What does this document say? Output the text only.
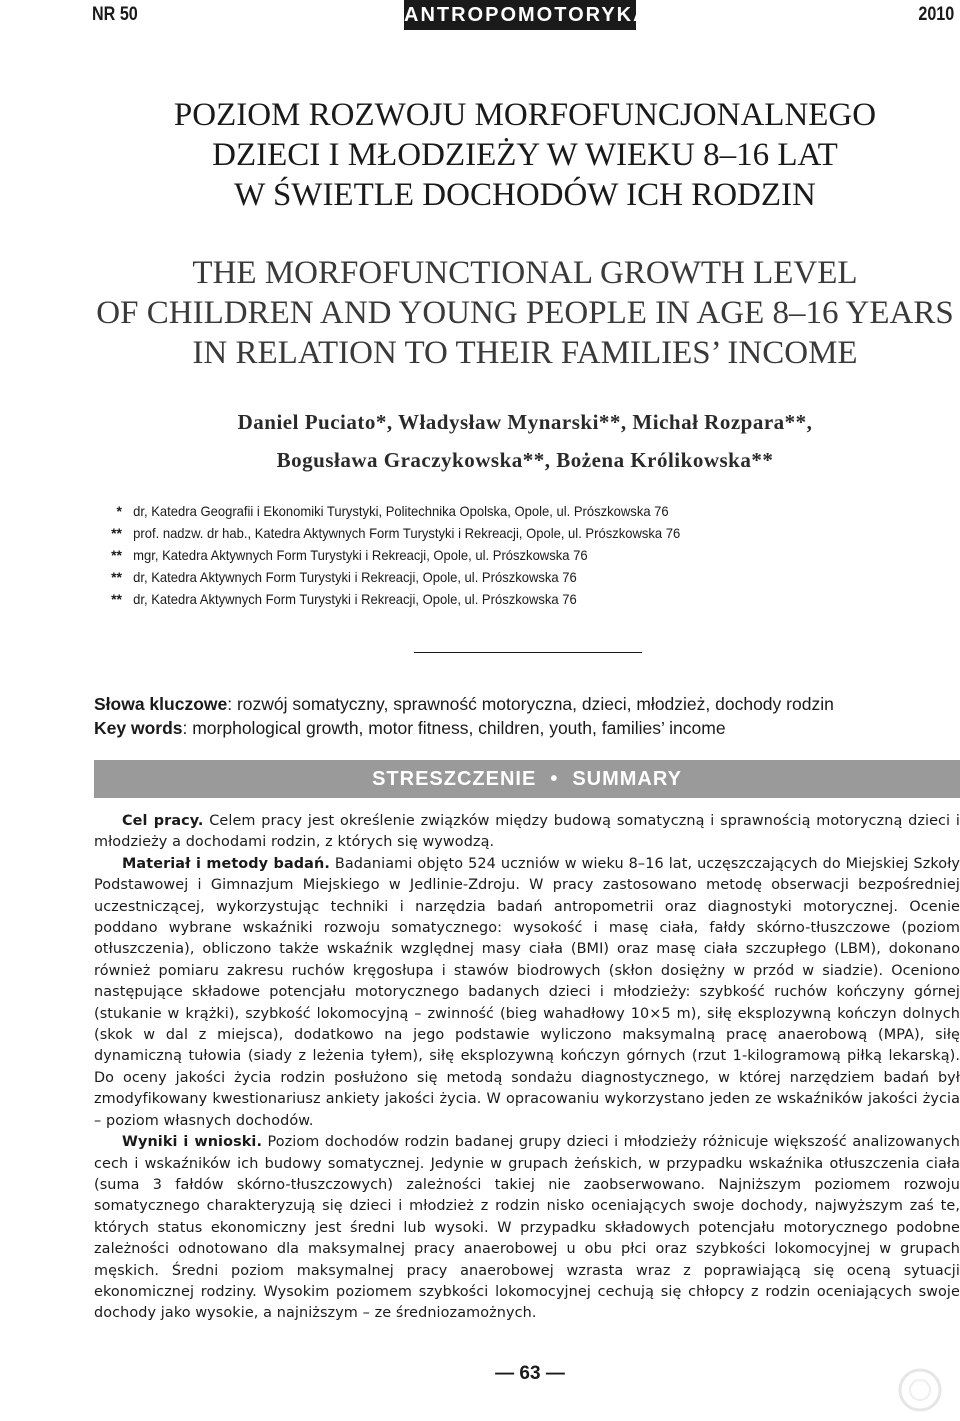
NR 50	ANTROPOMOTORYKA	2010
POZIOM ROZWOJU MORFOFUNCJONALNEGO
DZIECI I MŁODZIEŻY W WIEKU 8–16 LAT
W ŚWIETLE DOCHODÓW ICH RODZIN
THE MORFOFUNCTIONAL GROWTH LEVEL
OF CHILDREN AND YOUNG PEOPLE IN AGE 8–16 YEARS
IN RELATION TO THEIR FAMILIES’ INCOME
Daniel Puciato*, Władysław Mynarski**, Michał Rozpara**,
Bogusława Graczykowska**, Bożena Królikowska**
* dr, Katedra Geografii i Ekonomiki Turystyki, Politechnika Opolska, Opole, ul. Prószkowska 76
** prof. nadzw. dr hab., Katedra Aktywnych Form Turystyki i Rekreacji, Opole, ul. Prószkowska 76
** mgr, Katedra Aktywnych Form Turystyki i Rekreacji, Opole, ul. Prószkowska 76
** dr, Katedra Aktywnych Form Turystyki i Rekreacji, Opole, ul. Prószkowska 76
** dr, Katedra Aktywnych Form Turystyki i Rekreacji, Opole, ul. Prószkowska 76
Słowa kluczowe: rozwój somatyczny, sprawność motoryczna, dzieci, młodzież, dochody rodzin
Key words: morphological growth, motor fitness, children, youth, families’ income
STRESZCZENIE • SUMMARY

Cel pracy. Celem pracy jest określenie związków między budową somatyczną i sprawnością motoryczną dzieci i młodzieży a dochodami rodzin, z których się wywodzą.

Materiał i metody badań. Badaniami objęto 524 uczniów w wieku 8–16 lat, uczęszczających do Miejskiej Szkoły Podstawowej i Gimnazjum Miejskiego w Jedlinie-Zdroju. W pracy zastosowano metodę obserwacji bezpośredniej uczestniczącej, wykorzystując techniki i narzędzia badań antropometrii oraz diagnostyki motorycznej. Ocenie poddano wybrane wskaźniki rozwoju somatycznego: wysokość i masę ciała, fałdy skórno-tłuszczowe (poziom otłuszczenia), obliczono także wskaźnik względnej masy ciała (BMI) oraz masę ciała szczupłego (LBM), dokonano również pomiaru zakresu ruchów kręgosłupa i stawów biodrowych (skłon dosiężny w przód w siadzie). Oceniono następujące składowe potencjału motorycznego badanych dzieci i młodzieży: szybkość ruchów kończyny górnej (stukanie w krążki), szybkość lokomocyjną – zwinność (bieg wahadłowy 10×5 m), siłę eksplozywną kończyn dolnych (skok w dal z miejsca), dodatkowo na jego podstawie wyliczono maksymalną pracę anaerobową (MPA), siłę dynamiczną tułowia (siady z leżenia tyłem), siłę eksplozywną kończyn górnych (rzut 1-kilogramową piłką lekarską). Do oceny jakości życia rodzin posłużono się metodą sondażu diagnostycznego, w której narzędziem badań był zmodyfikowany kwestionariusz ankiety jakości życia. W opracowaniu wykorzystano jeden ze wskaźników jakości życia – poziom własnych dochodów.

Wyniki i wnioski. Poziom dochodów rodzin badanej grupy dzieci i młodzieży różnicuje większość analizowanych cech i wskaźników ich budowy somatycznej. Jedynie w grupach żeńskich, w przypadku wskaźnika otłuszczenia ciała (suma 3 fałdów skórno-tłuszczowych) zależności takiej nie zaobserwowano. Najniższym poziomem rozwoju somatycznego charakteryzują się dzieci i młodzież z rodzin nisko oceniających swoje dochody, najwyższym zaś te, których status ekonomiczny jest średni lub wysoki. W przypadku składowych potencjału motorycznego podobne zależności odnotowano dla maksymalnej pracy anaerobowej u obu płci oraz szybkości lokomocyjnej w grupach męskich. Średni poziom maksymalnej pracy anaerobowej wzrasta wraz z poprawiającą się oceną sytuacji ekonomicznej rodziny. Wysokim poziomem szybkości lokomocyjnej cechują się chłopcy z rodzin oceniających swoje dochody jako wysokie, a najniższym – ze średniozamożnych.

— 63 —
